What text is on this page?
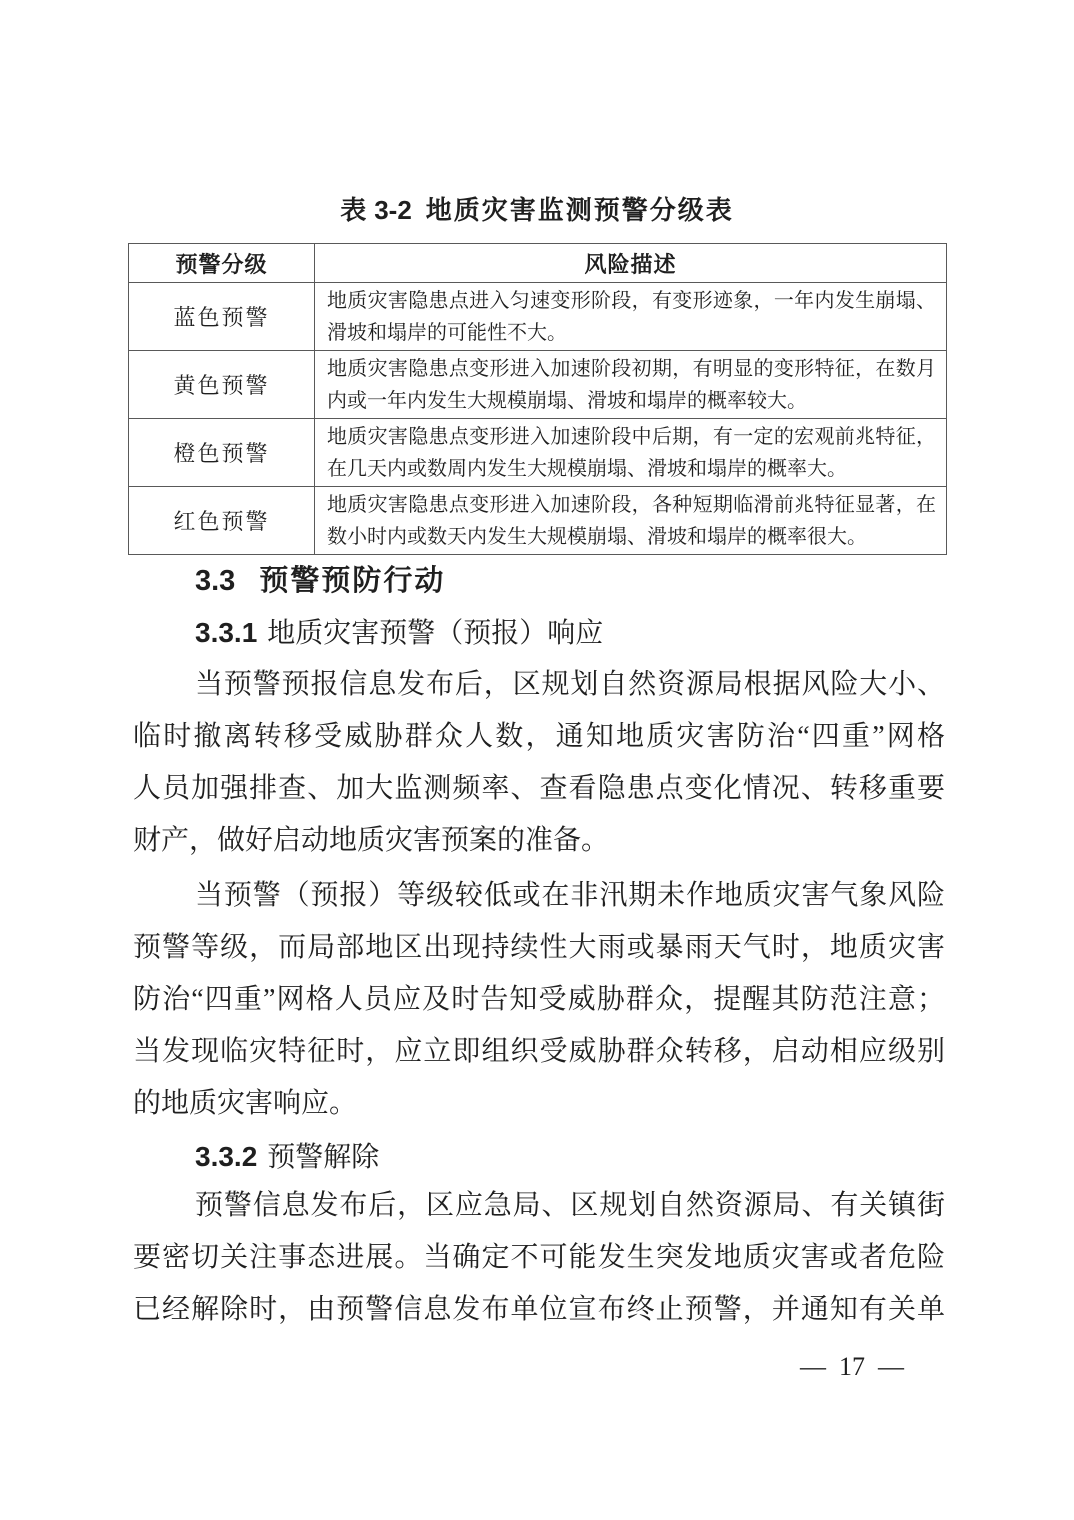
表 3-2 地质灾害监测预警分级表
预警分级	风险描述
蓝色预警	地质灾害隐患点进入匀速变形阶段，有变形迹象，一年内发生崩塌、滑坡和塌岸的可能性不大。
黄色预警	地质灾害隐患点变形进入加速阶段初期，有明显的变形特征，在数月内或一年内发生大规模崩塌、滑坡和塌岸的概率较大。
橙色预警	地质灾害隐患点变形进入加速阶段中后期，有一定的宏观前兆特征，在几天内或数周内发生大规模崩塌、滑坡和塌岸的概率大。
红色预警	地质灾害隐患点变形进入加速阶段，各种短期临滑前兆特征显著，在数小时内或数天内发生大规模崩塌、滑坡和塌岸的概率很大。
3.3 预警预防行动
3.3.1 地质灾害预警（预报）响应
当预警预报信息发布后，区规划自然资源局根据风险大小、
临时撤离转移受威胁群众人数，通知地质灾害防治“四重”网格
人员加强排查、加大监测频率、查看隐患点变化情况、转移重要
财产，做好启动地质灾害预案的准备。
当预警（预报）等级较低或在非汛期未作地质灾害气象风险
预警等级，而局部地区出现持续性大雨或暴雨天气时，地质灾害
防治“四重”网格人员应及时告知受威胁群众，提醒其防范注意；
当发现临灾特征时，应立即组织受威胁群众转移，启动相应级别
的地质灾害响应。
3.3.2 预警解除
预警信息发布后，区应急局、区规划自然资源局、有关镇街
要密切关注事态进展。当确定不可能发生突发地质灾害或者危险
已经解除时，由预警信息发布单位宣布终止预警，并通知有关单
— 17 —
